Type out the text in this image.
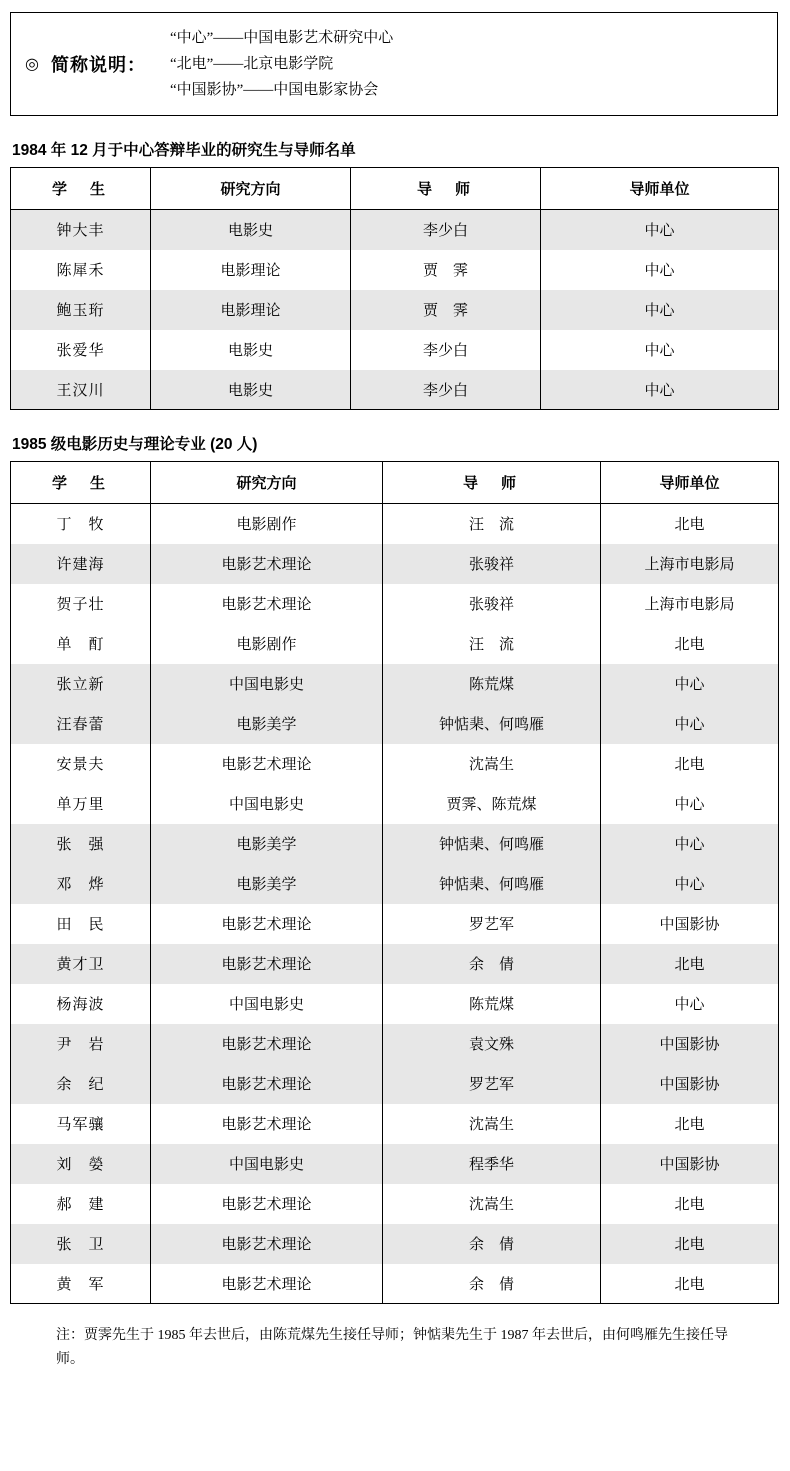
◎ 简称说明：
“中心”——中国电影艺术研究中心
“北电”——北京电影学院
“中国影协”——中国电影家协会
1984 年 12 月于中心答辩毕业的研究生与导师名单
学　生	研究方向	导　师	导师单位
钟大丰	电影史	李少白	中心
陈犀禾	电影理论	贾　霁	中心
鲍玉珩	电影理论	贾　霁	中心
张爱华	电影史	李少白	中心
王汉川	电影史	李少白	中心
1985 级电影历史与理论专业 (20 人)
学　生	研究方向	导　师	导师单位
丁　牧	电影剧作	汪　流	北电
许建海	电影艺术理论	张骏祥	上海市电影局
贺子壮	电影艺术理论	张骏祥	上海市电影局
单　酊	电影剧作	汪　流	北电
张立新	中国电影史	陈荒煤	中心
汪春蕾	电影美学	钟惦棐、何鸣雁	中心
安景夫	电影艺术理论	沈嵩生	北电
单万里	中国电影史	贾霁、陈荒煤	中心
张　强	电影美学	钟惦棐、何鸣雁	中心
邓　烨	电影美学	钟惦棐、何鸣雁	中心
田　民	电影艺术理论	罗艺军	中国影协
黄才卫	电影艺术理论	余　倩	北电
杨海波	中国电影史	陈荒煤	中心
尹　岩	电影艺术理论	袁文殊	中国影协
余　纪	电影艺术理论	罗艺军	中国影协
马军骧	电影艺术理论	沈嵩生	北电
刘　嫈	中国电影史	程季华	中国影协
郝　建	电影艺术理论	沈嵩生	北电
张　卫	电影艺术理论	余　倩	北电
黄　军	电影艺术理论	余　倩	北电
注：贾霁先生于 1985 年去世后，由陈荒煤先生接任导师；钟惦棐先生于 1987 年去世后，由何鸣雁先生接任导师。
